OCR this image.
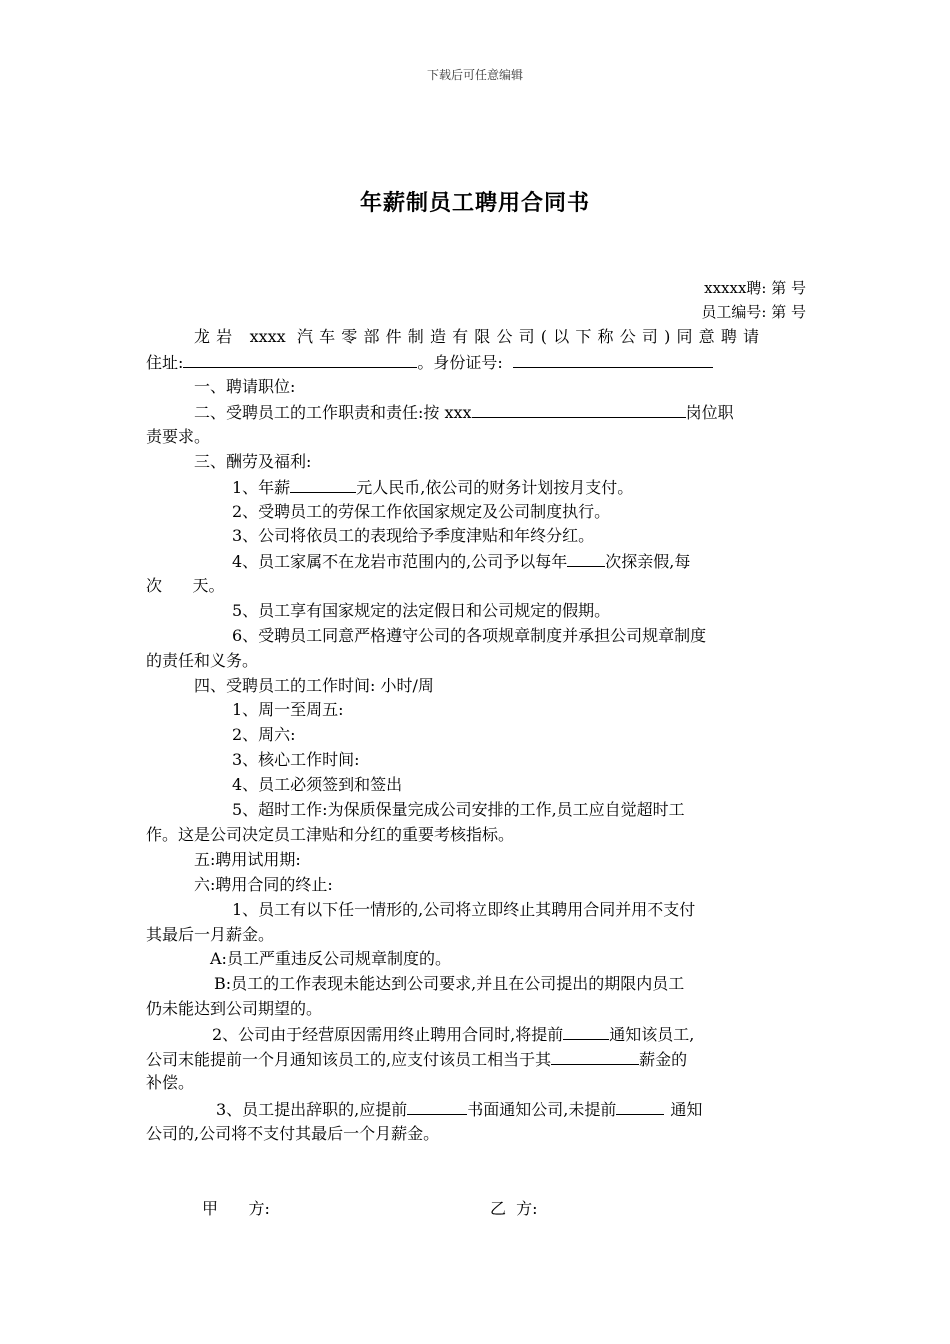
下载后可任意编辑
年薪制员工聘用合同书
xxxxx聘: 第 号
员工编号: 第 号
龙岩 xxxx 汽车零部件制造有限公司(以下称公司)同意聘请
住址:	。身份证号:
一、聘请职位:
二、受聘员工的工作职责和责任:按 xxx	岗位职
责要求。
三、酬劳及福利:
1、年薪	元人民币,依公司的财务计划按月支付。
2、受聘员工的劳保工作依国家规定及公司制度执行。
3、公司将依员工的表现给予季度津贴和年终分红。
4、员工家属不在龙岩市范围内的,公司予以每年 次探亲假,每
次      天。
5、员工享有国家规定的法定假日和公司规定的假期。
6、受聘员工同意严格遵守公司的各项规章制度并承担公司规章制度
的责任和义务。
四、受聘员工的工作时间: 小时/周
1、周一至周五:
2、周六:
3、核心工作时间:
4、员工必须签到和签出
5、超时工作:为保质保量完成公司安排的工作,员工应自觉超时工
作。这是公司决定员工津贴和分红的重要考核指标。
五:聘用试用期:
六:聘用合同的终止:
1、员工有以下任一情形的,公司将立即终止其聘用合同并用不支付
其最后一月薪金。
A:员工严重违反公司规章制度的。
B:员工的工作表现未能达到公司要求,并且在公司提出的期限内员工
仍未能达到公司期望的。
2、公司由于经营原因需用终止聘用合同时,将提前	通知该员工,
公司末能提前一个月通知该员工的,应支付该员工相当于其	薪金的
补偿。
3、员工提出辞职的,应提前	书面通知公司,未提前	通知
公司的,公司将不支付其最后一个月薪金。
甲      方:	乙  方:
